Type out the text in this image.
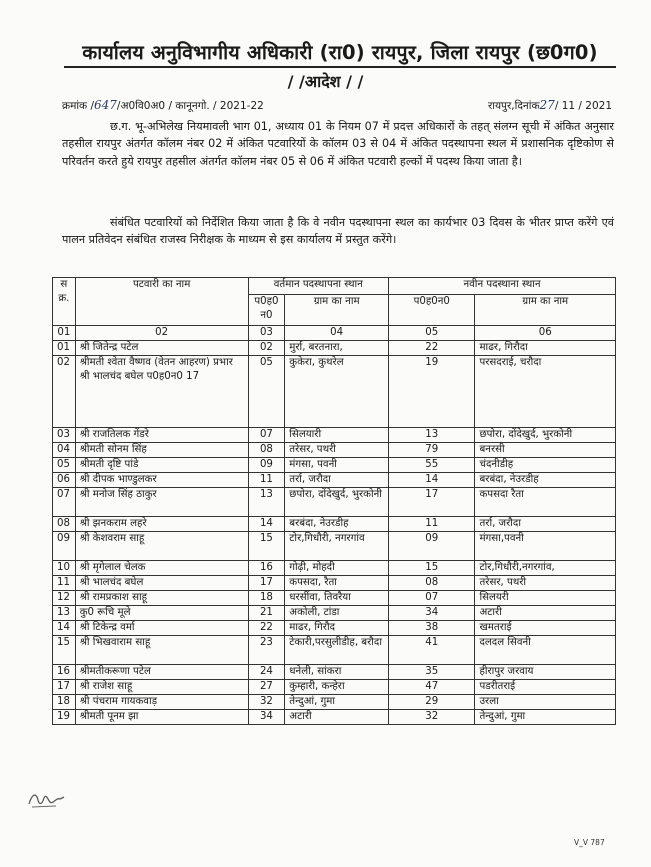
कार्यालय अनुविभागीय अधिकारी (रा0) रायपुर, जिला रायपुर (छ0ग0)
/ /आदेश / /
क्रमांक /647/अ0वि0अ0 / कानूनगो. / 2021-22	रायपुर,दिनांक27/ 11 / 2021

छ.ग. भू-अभिलेख नियमावली भाग 01, अध्याय 01 के नियम 07 में प्रदत्त अधिकारों के तहत् संलग्न सूची में अंकित अनुसार तहसील रायपुर अंतर्गत कॉलम नंबर 02 में अंकित पटवारियों के कॉलम 03 से 04 में अंकित पदस्थापना स्थल में प्रशासनिक दृष्टिकोण से परिवर्तन करते हुये रायपुर तहसील अंतर्गत कॉलम नंबर 05 से 06 में अंकित पटवारी हल्कों में पदस्थ किया जाता है।

संबंधित पटवारियों को निर्देशित किया जाता है कि वे नवीन पदस्थापना स्थल का कार्यभार 03 दिवस के भीतर प्राप्त करेंगे एवं पालन प्रतिवेदन संबंधित राजस्व निरीक्षक के माध्यम से इस कार्यालय में प्रस्तुत करेंगे।

स क्र.	पटवारी का नाम	वर्तमान पदस्थापना स्थान		नवीन पदस्थाना स्थान	
		प0ह0 न0	ग्राम का नाम	प0ह0न0	ग्राम का नाम
01	02	03	04	05	06
01	श्री जितेन्द्र पटेल	02	मुर्रा, बरतनारा,	22	माढर, गिरौदा
02	श्रीमती श्वेता वैष्णव (वेतन आहरण) प्रभार श्री भालचंद बघेल प0ह0न0 17	05	कुकेरा, कुथरेल	19	परसदराई, चरौदा
03	श्री राजतिलक गेंडरे	07	सिलयारी	13	छपोरा, दोंदेखुर्द, भुरकोनी
04	श्रीमती सोनम सिंह	08	तरेसर, पथरी	79	बनरसी
05	श्रीमती दृष्टि पांडे	09	मंगसा, पवनी	55	चंदनीडीह
06	श्री दीपक भाण्डुलकर	11	तर्रा, जरौदा	14	बरबंदा, नेउरडीह
07	श्री मनोज सिंह ठाकुर	13	छपोरा, दोंदेखुर्द, भुरकोनी	17	कपसदा रैता
08	श्री झनकराम लहरे	14	बरबंदा, नेउरडीह	11	तर्रा, जरौदा
09	श्री केशवराम साहू	15	टोर,गिधौरी, नगरगांव	09	मंगसा,पवनी
10	श्री मृगेलाल चेलक	16	गोढ़ी, मोहदी	15	टोर,गिधौरी,नगरगांव,
11	श्री भालचंद बघेल	17	कपसदा, रैता	08	तरेसर, पथरी
12	श्री रामप्रकाश साहू	18	धरसींवा, तिवरैया	07	सिलयरी
13	कु0 रूचि मूले	21	अकोली, टांडा	34	अटारी
14	श्री टिकेन्द्र वर्मा	22	माढर, गिरौद	38	खमतराई
15	श्री भिखवाराम साहू	23	टेकारी,परसुलीडीह, बरौदा	41	दलदल सिवनी
16	श्रीमतीकरूणा पटेल	24	धनेली, सांकरा	35	हीरापुर जरवाय
17	श्री राजेश साहू	27	कुम्हारी, कन्हेरा	47	पडरीतराई
18	श्री पंचराम गायकवाड़	32	तेन्दुआं, गुमा	29	उरला
19	श्रीमती पूनम झा	34	अटारी	32	तेन्दुआं, गुमा
V_V 787
